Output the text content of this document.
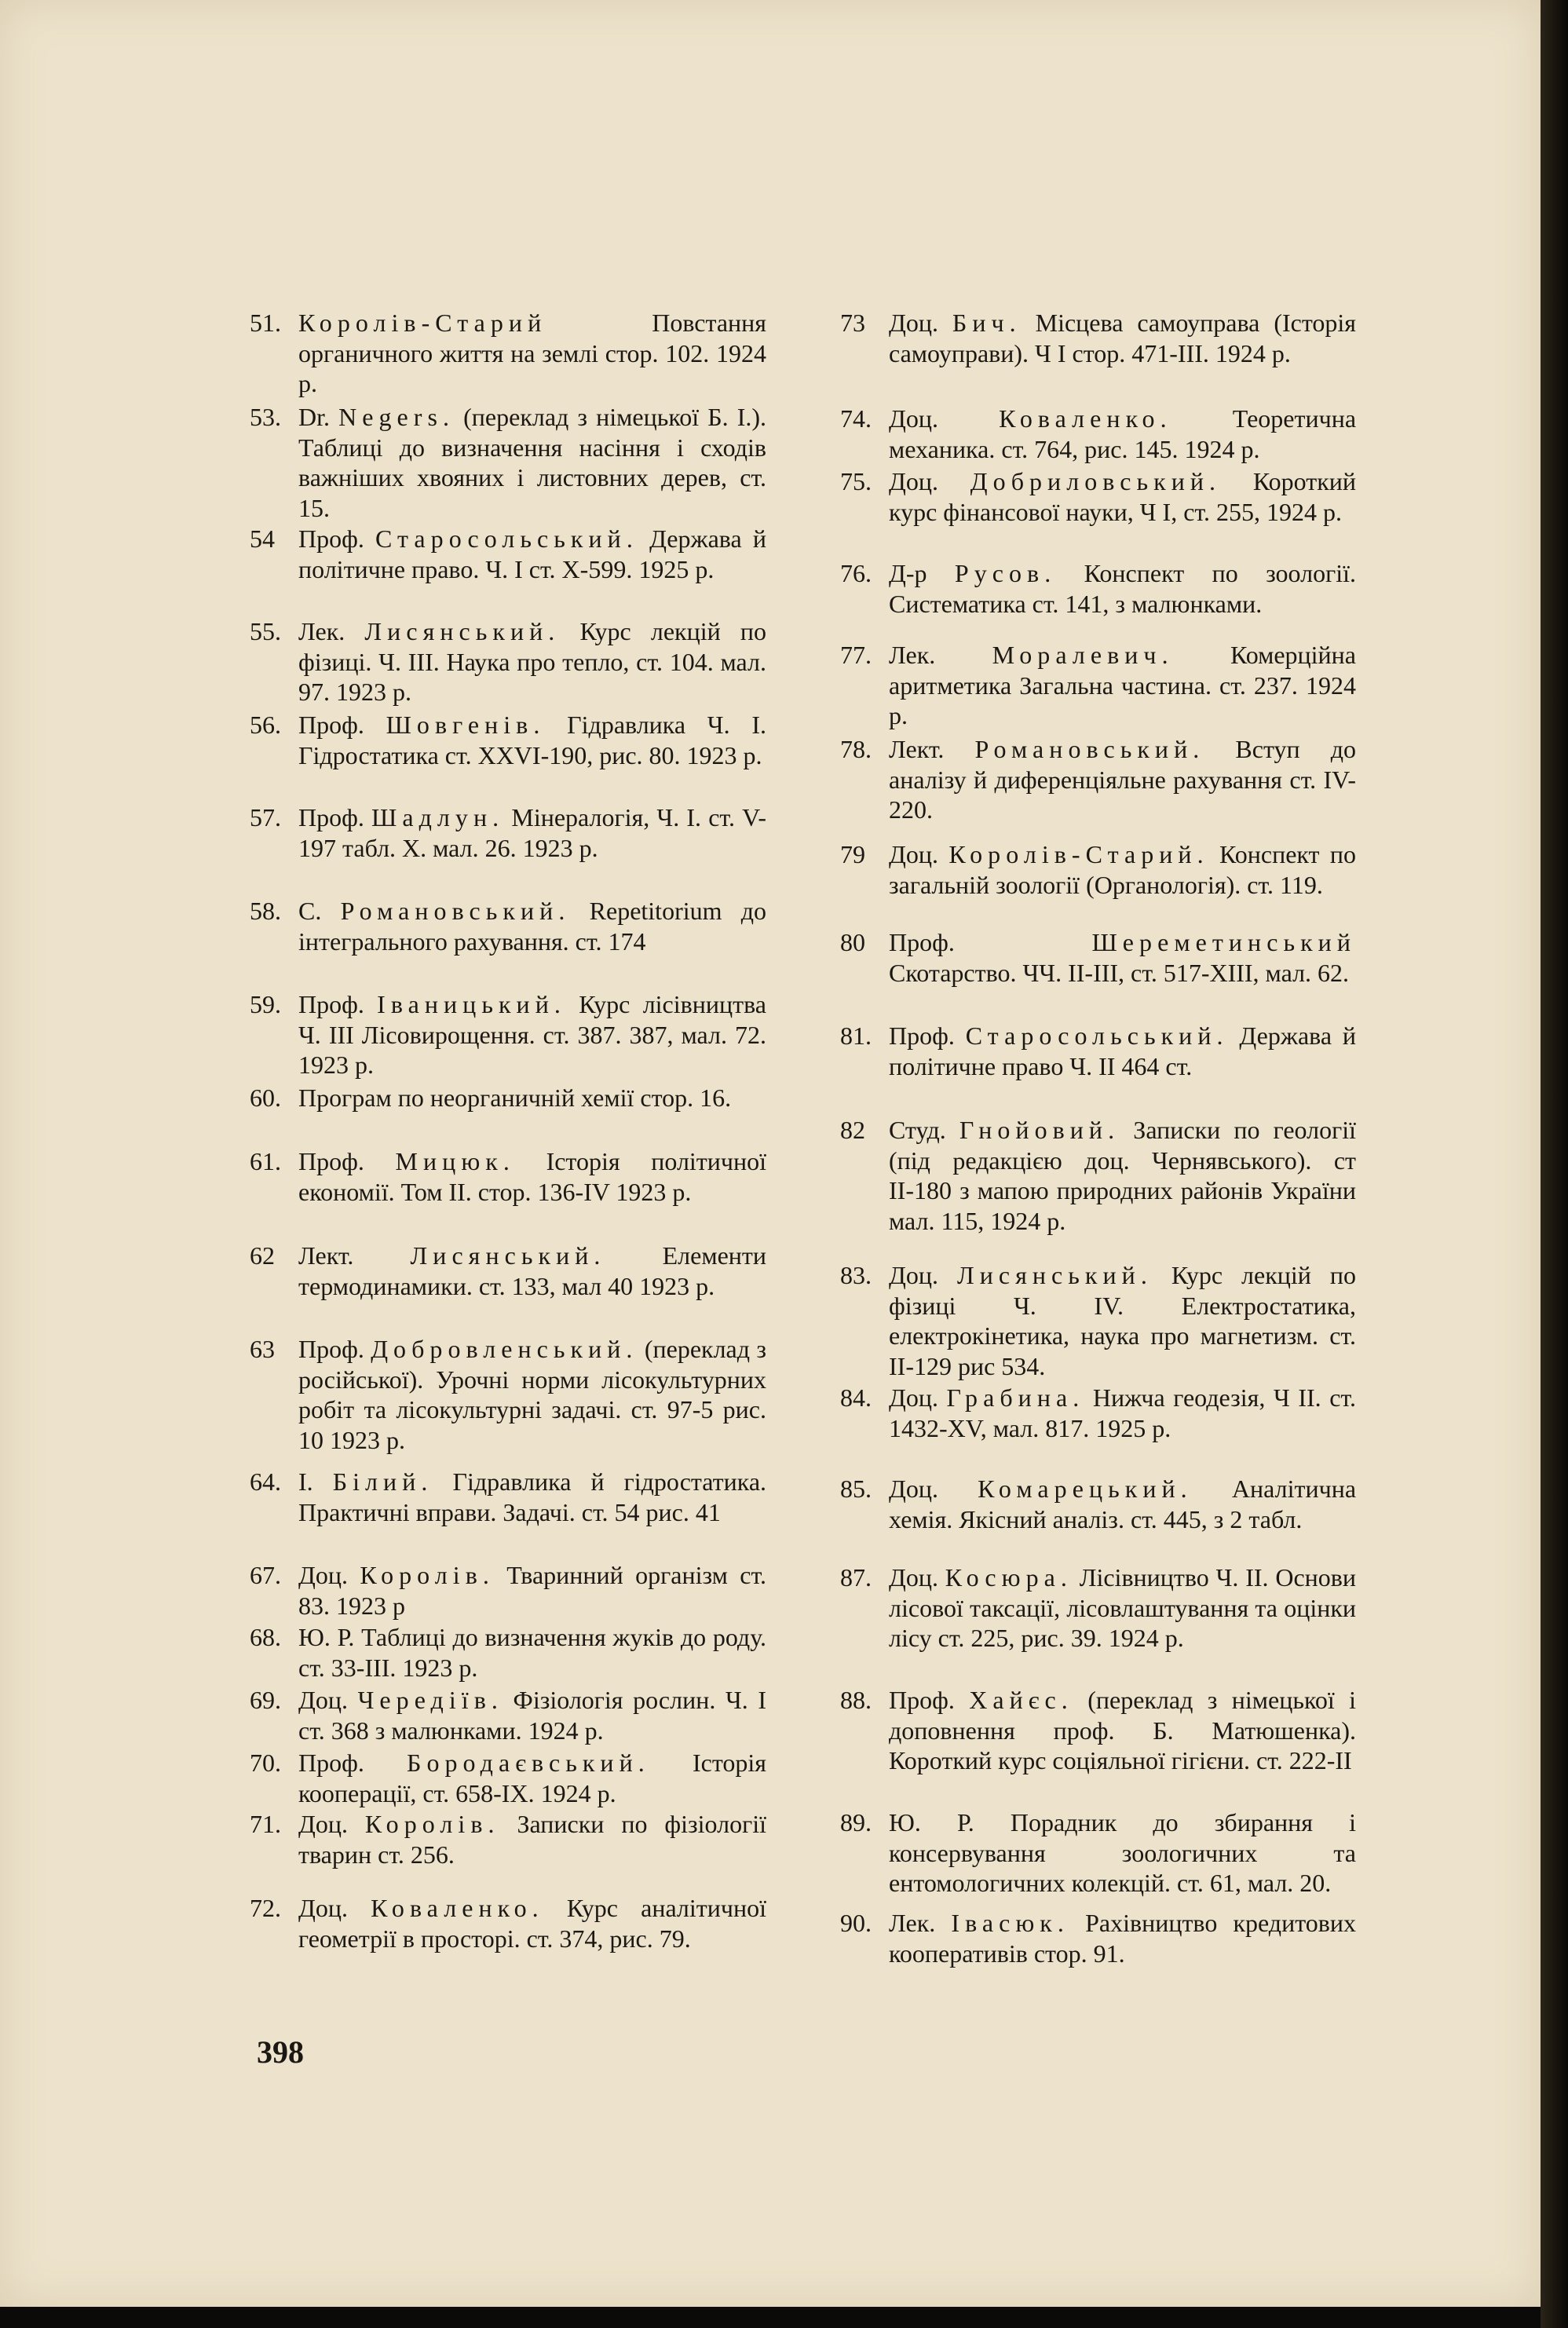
51. Королів-Старий	Повстання органичного життя на землі стор. 102. 1924 р.
53. Dr. Negers. (переклад з німецької Б. І.). Таблиці до визначення насіння і сходів важніших хвояних і листовних дерев, ст. 15.
54 Проф. Старосольський. Держава й політичне право. Ч. І ст. Х-599. 1925 р.
55. Лек. Лисянський. Курс лекцій по фізиці. Ч. ІІІ. Наука про тепло, ст. 104. мал. 97. 1923 р.
56. Проф. Шовгенів. Гідравлика Ч. І. Гідростатика ст. XXVI-190, рис. 80. 1923 р.
57. Проф. Шадлун. Мінералогія, Ч. І. ст. V-197 табл. X. мал. 26. 1923 р.
58. С. Романовський. Repetitorium до інтегрального рахування. ст. 174
59. Проф. Іваницький. Курс лісівництва Ч. ІІІ Лісовирощення. ст. 387. 387, мал. 72. 1923 р.
60. Програм по неорганичній хемії стор. 16.
61. Проф. Мицюк. Історія політичної економії. Том ІІ. стор. 136-IV 1923 р.
62 Лект. Лисянський. Елементи термодинамики. ст. 133, мал 40 1923 р.
63 Проф. Добровленський. (переклад з російської). Урочні норми лісокультурних робіт та лісокультурні задачі. ст. 97-5 рис. 10 1923 р.
64. І. Білий. Гідравлика й гідростатика. Практичні вправи. Задачі. ст. 54 рис. 41
67. Доц. Королів. Тваринний організм ст. 83. 1923 р
68. Ю. Р. Таблиці до визначення жуків до роду. ст. 33-ІІІ. 1923 р.
69. Доц. Чередіїв. Фізіологія рослин. Ч. І ст. 368 з малюнками. 1924 р.
70. Проф. Бородаєвський. Історія кооперації, ст. 658-IX. 1924 р.
71. Доц. Королів. Записки по фізіології тварин ст. 256.
72. Доц. Коваленко. Курс аналітичної геометрії в просторі. ст. 374, рис. 79.
73 Доц. Бич. Місцева самоуправа (Історія самоуправи). Ч І стор. 471-ІІІ. 1924 р.
74. Доц. Коваленко. Теоретична механика. ст. 764, рис. 145. 1924 р.
75. Доц. Добриловський. Короткий курс фінансової науки, Ч І, ст. 255, 1924 р.
76. Д-р Русов. Конспект по зоології. Систематика ст. 141, з малюнками.
77. Лек. Моралевич. Комерційна аритметика Загальна частина. ст. 237. 1924 р.
78. Лект. Романовський. Вступ до аналізу й диференціяльне рахування ст. IV-220.
79 Доц. Королів-Старий. Конспект по загальній зоології (Органологія). ст. 119.
80 Проф.	Шереметинський Скотарство. ЧЧ. ІІ-ІІІ, ст. 517-XIII, мал. 62.
81. Проф. Старосольський. Держава й політичне право Ч. ІІ 464 ст.
82 Студ. Гнойовий. Записки по геології (під редакцією доц. Чернявського). ст ІІ-180 з мапою природних районів України мал. 115, 1924 р.
83. Доц. Лисянський. Курс лекцій по фізиці Ч. IV. Електростатика, електрокінетика, наука про магнетизм. ст. ІІ-129 рис 534.
84. Доц. Грабина. Нижча геодезія, Ч ІІ. ст. 1432-XV, мал. 817. 1925 р.
85. Доц. Комарецький. Аналітична хемія. Якісний аналіз. ст. 445, з 2 табл.
87. Доц. Косюра. Лісівництво Ч. ІІ. Основи лісової таксації, лісовлаштування та оцінки лісу ст. 225, рис. 39. 1924 р.
88. Проф. Хайєс. (переклад з німецької і доповнення проф. Б. Матюшенка). Короткий курс соціяльної гігієни. ст. 222-ІІ
89. Ю. Р. Порадник до збирання і консервування зоологичних та ентомологичних колекцій. ст. 61, мал. 20.
90. Лек. Івасюк. Рахівництво кредитових кооперативів стор. 91.
398
